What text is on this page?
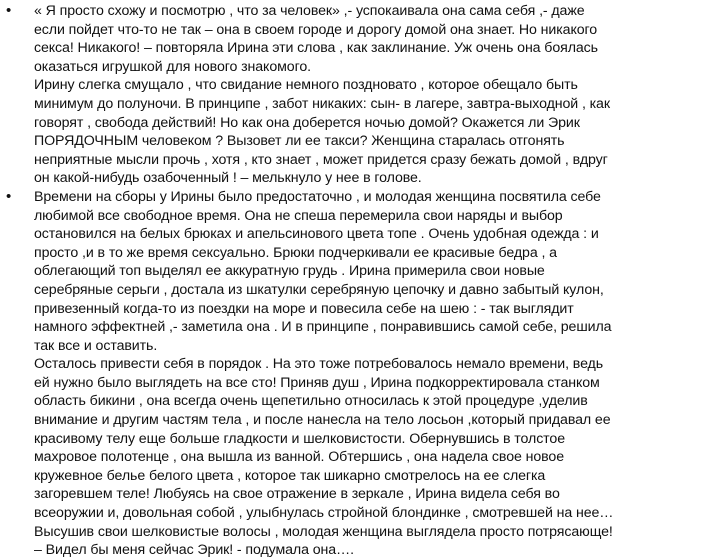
• « Я просто схожу и посмотрю , что за человек» ,- успокаивала она сама себя ,- даже
если пойдет что-то не так – она в своем городе и дорогу домой она знает. Но никакого
секса! Никакого! – повторяла Ирина эти слова , как заклинание. Уж очень она боялась
оказаться игрушкой для нового знакомого.
Ирину слегка смущало , что свидание немного поздновато , которое обещало быть
минимум до полуночи. В принципе , забот никаких: сын- в лагере, завтра-выходной , как
говорят , свобода действий! Но как она доберется ночью домой? Окажется ли Эрик
ПОРЯДОЧНЫМ человеком ? Вызовет ли ее такси? Женщина старалась отгонять
неприятные мысли прочь , хотя , кто знает , может придется сразу бежать домой , вдруг
он какой-нибудь озабоченный ! – мелькнуло у нее в голове.
• Времени на сборы у Ирины было предостаточно , и молодая женщина посвятила себе
любимой все свободное время. Она не спеша перемерила свои наряды и выбор
остановился на белых брюках и апельсинового цвета топе . Очень удобная одежда : и
просто ,и в то же время сексуально. Брюки подчеркивали ее красивые бедра , а
облегающий топ выделял ее аккуратную грудь . Ирина примерила свои новые
серебряные серьги , достала из шкатулки серебряную цепочку и давно забытый кулон,
привезенный когда-то из поездки на море и повесила себе на шею : - так выглядит
намного эффектней ,- заметила она . И в принципе , понравившись самой себе, решила
так все и оставить.
Осталось привести себя в порядок . На это тоже потребовалось немало времени, ведь
ей нужно было выглядеть на все сто! Приняв душ , Ирина подкорректировала станком
область бикини , она всегда очень щепетильно относилась к этой процедуре ,уделив
внимание и другим частям тела , и после нанесла на тело лосьон ,который придавал ее
красивому телу еще больше гладкости и шелковистости. Обернувшись в толстое
махровое полотенце , она вышла из ванной. Обтершись , она надела свое новое
кружевное белье белого цвета , которое так шикарно смотрелось на ее слегка
загоревшем теле! Любуясь на свое отражение в зеркале , Ирина видела себя во
всеоружии и, довольная собой , улыбнулась стройной блондинке , смотревшей на нее…
Высушив свои шелковистые волосы , молодая женщина выглядела просто потрясающе!
– Видел бы меня сейчас Эрик! - подумала она….
